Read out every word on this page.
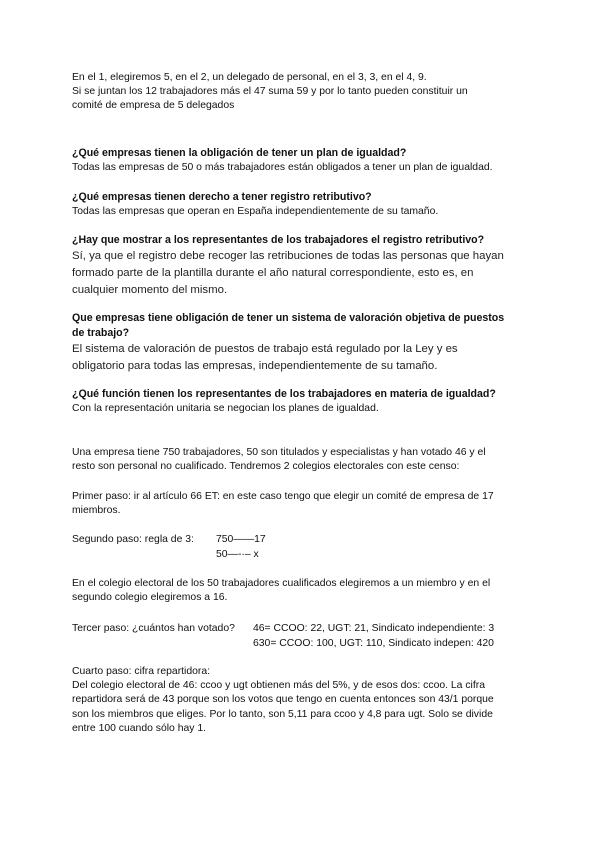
En el 1, elegiremos 5, en el 2, un delegado de personal, en el 3, 3, en el 4, 9.
Si se juntan los 12 trabajadores más el 47 suma 59 y por lo tanto pueden constituir un
comité de empresa de 5 delegados
¿Qué empresas tienen la obligación de tener un plan de igualdad?
Todas las empresas de 50 o más trabajadores están obligados a tener un plan de igualdad.
¿Qué empresas tienen derecho a tener registro retributivo?
Todas las empresas que operan en España independientemente de su tamaño.
¿Hay que mostrar a los representantes de los trabajadores el registro retributivo?
Sí, ya que el registro debe recoger las retribuciones de todas las personas que hayan
formado parte de la plantilla durante el año natural correspondiente, esto es, en
cualquier momento del mismo.
Que empresas tiene obligación de tener un sistema de valoración objetiva de puestos
de trabajo?
El sistema de valoración de puestos de trabajo está regulado por la Ley y es
obligatorio para todas las empresas, independientemente de su tamaño.
¿Qué función tienen los representantes de los trabajadores en materia de igualdad?
Con la representación unitaria se negocian los planes de igualdad.
Una empresa tiene 750 trabajadores, 50 son titulados y especialistas y han votado 46 y el
resto son personal no cualificado. Tendremos 2 colegios electorales con este censo:
Primer paso: ir al artículo 66 ET: en este caso tengo que elegir un comité de empresa de 17
miembros.
Segundo paso: regla de 3:	750——17
50—-·– x
En el colegio electoral de los 50 trabajadores cualificados elegiremos a un miembro y en el
segundo colegio elegiremos a 16.
Tercer paso: ¿cuántos han votado?	46= CCOO: 22, UGT: 21, Sindicato independiente: 3
630= CCOO: 100, UGT: 110, Sindicato indepen: 420
Cuarto paso: cifra repartidora:
Del colegio electoral de 46: ccoo y ugt obtienen más del 5%, y de esos dos: ccoo. La cifra
repartidora será de 43 porque son los votos que tengo en cuenta entonces son 43/1 porque
son los miembros que eliges. Por lo tanto, son 5,11 para ccoo y 4,8 para ugt. Solo se divide
entre 100 cuando sólo hay 1.
